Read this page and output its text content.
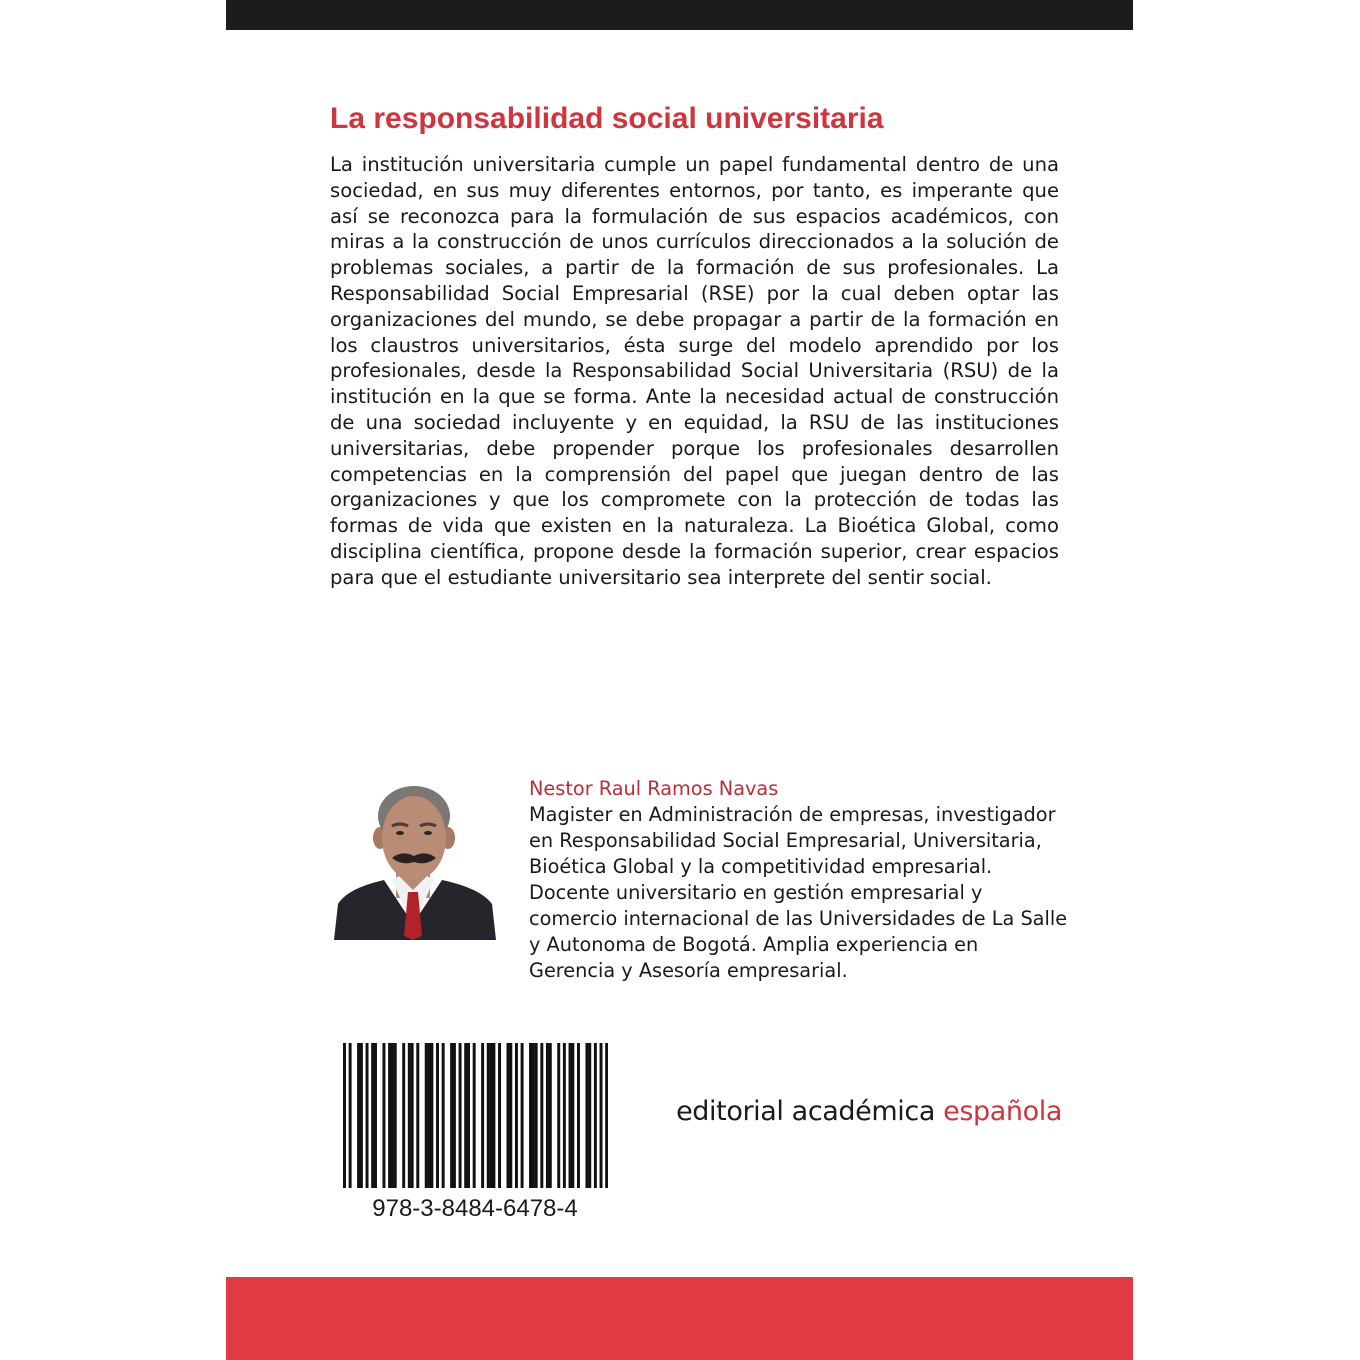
La responsabilidad social universitaria

La institución universitaria cumple un papel fundamental dentro de una sociedad, en sus muy diferentes entornos, por tanto, es imperante que así se reconozca para la formulación de sus espacios académicos, con miras a la construcción de unos currículos direccionados a la solución de problemas sociales, a partir de la formación de sus profesionales. La Responsabilidad Social Empresarial (RSE) por la cual deben optar las organizaciones del mundo, se debe propagar a partir de la formación en los claustros universitarios, ésta surge del modelo aprendido por los profesionales, desde la Responsabilidad Social Universitaria (RSU) de la institución en la que se forma. Ante la necesidad actual de construcción de una sociedad incluyente y en equidad, la RSU de las instituciones universitarias, debe propender porque los profesionales desarrollen competencias en la comprensión del papel que juegan dentro de las organizaciones y que los compromete con la protección de todas las formas de vida que existen en la naturaleza. La Bioética Global, como disciplina científica, propone desde la formación superior, crear espacios para que el estudiante universitario sea interprete del sentir social.

Nestor Raul Ramos Navas

Magister en Administración de empresas, investigador en Responsabilidad Social Empresarial, Universitaria, Bioética Global y la competitividad empresarial. Docente universitario en gestión empresarial y comercio internacional de las Universidades de La Salle y Autonoma de Bogotá. Amplia experiencia en Gerencia y Asesoría empresarial.

978-3-8484-6478-4
editorial académica española
